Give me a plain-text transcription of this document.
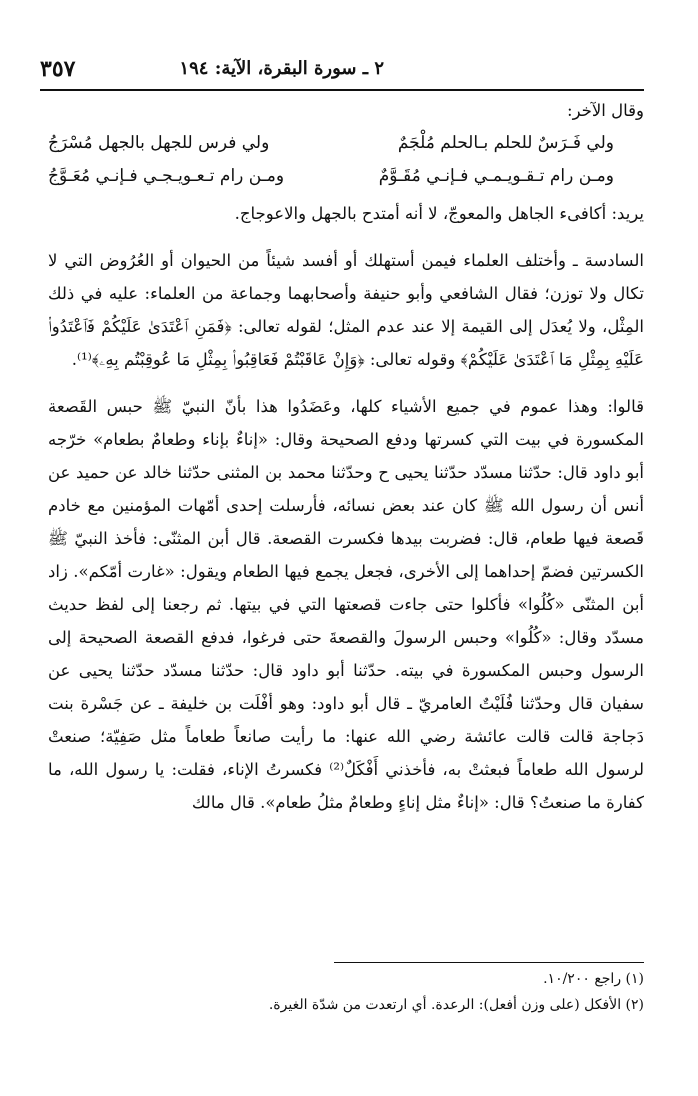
٣٥٧	٢ ـ سورة البقرة، الآية: ١٩٤

وقال الآخر:

ولي فَـرَسٌ للحلم بـالحلم مُلْجَمٌ
ولي فرس للجهل بالجهل مُسْرَجُ
ومـن رام تـقـويـمـي فـإنـي مُقَـوَّمٌ
ومـن رام تـعـويـجـي فـإنـي مُعَـوَّجُ

يريد: أكافىء الجاهل والمعوجّ، لا أنه أمتدح بالجهل والاعوجاج.

السادسة ـ وأختلف العلماء فيمن أستهلك أو أفسد شيئاً من الحيوان أو العُرُوض التي لا تكال ولا توزن؛ فقال الشافعي وأبو حنيفة وأصحابهما وجماعة من العلماء: عليه في ذلك المِثْل، ولا يُعدَل إلى القيمة إلا عند عدم المثل؛ لقوله تعالى: ﴿فَمَنِ ٱعْتَدَىٰ عَلَيْكُمْ فَٱعْتَدُوا۟ عَلَيْهِ بِمِثْلِ مَا ٱعْتَدَىٰ عَلَيْكُمْ﴾ وقوله تعالى: ﴿وَإِنْ عَاقَبْتُمْ فَعَاقِبُوا۟ بِمِثْلِ مَا عُوقِبْتُم بِهِۦ﴾⁽¹⁾.

قالوا: وهذا عموم في جميع الأشياء كلها، وعَضَدُوا هذا بأنّ النبيّ ﷺ حبس القَصعة المكسورة في بيت التي كسرتها ودفع الصحيحة وقال: «إناءٌ بإناء وطعامٌ بطعام» خرّجه أبو داود قال: حدّثنا مسدّد حدّثنا يحيى ح وحدّثنا محمد بن المثنى حدّثنا خالد عن حميد عن أنس أن رسول الله ﷺ كان عند بعض نسائه، فأرسلت إحدى أمّهات المؤمنين مع خادم قَصعة فيها طعام، قال: فضربت بيدها فكسرت القصعة. قال أبن المثنّى: فأخذ النبيّ ﷺ الكسرتين فضمّ إحداهما إلى الأخرى، فجعل يجمع فيها الطعام ويقول: «غارت أمّكم». زاد أبن المثنّى «كُلُوا» فأكلوا حتى جاءت قصعتها التي في بيتها. ثم رجعنا إلى لفظ حديث مسدّد وقال: «كُلُوا» وحبس الرسولَ والقصعةَ حتى فرغوا، فدفع القصعة الصحيحة إلى الرسول وحبس المكسورة في بيته. حدّثنا أبو داود قال: حدّثنا مسدّد حدّثنا يحيى عن سفيان قال وحدّثنا فُلَيْتٌ العامريّ ـ قال أبو داود: وهو أفْلَت بن خليفة ـ عن جَسْرة بنت دَجاجة قالت قالت عائشة رضي الله عنها: ما رأيت صانعاً طعاماً مثل صَفِيّة؛ صنعتْ لرسول الله طعاماً فبعثتْ به، فأخذني أَفْكَلٌ⁽²⁾ فكسرتُ الإناء، فقلت: يا رسول الله، ما كفارة ما صنعتُ؟ قال: «إناءٌ مثل إناءٍ وطعامٌ مثلُ طعام». قال مالك

(١) راجع ١٠/٢٠٠.
(٢) الأفكل (على وزن أفعل): الرعدة. أي ارتعدت من شدّة الغيرة.
